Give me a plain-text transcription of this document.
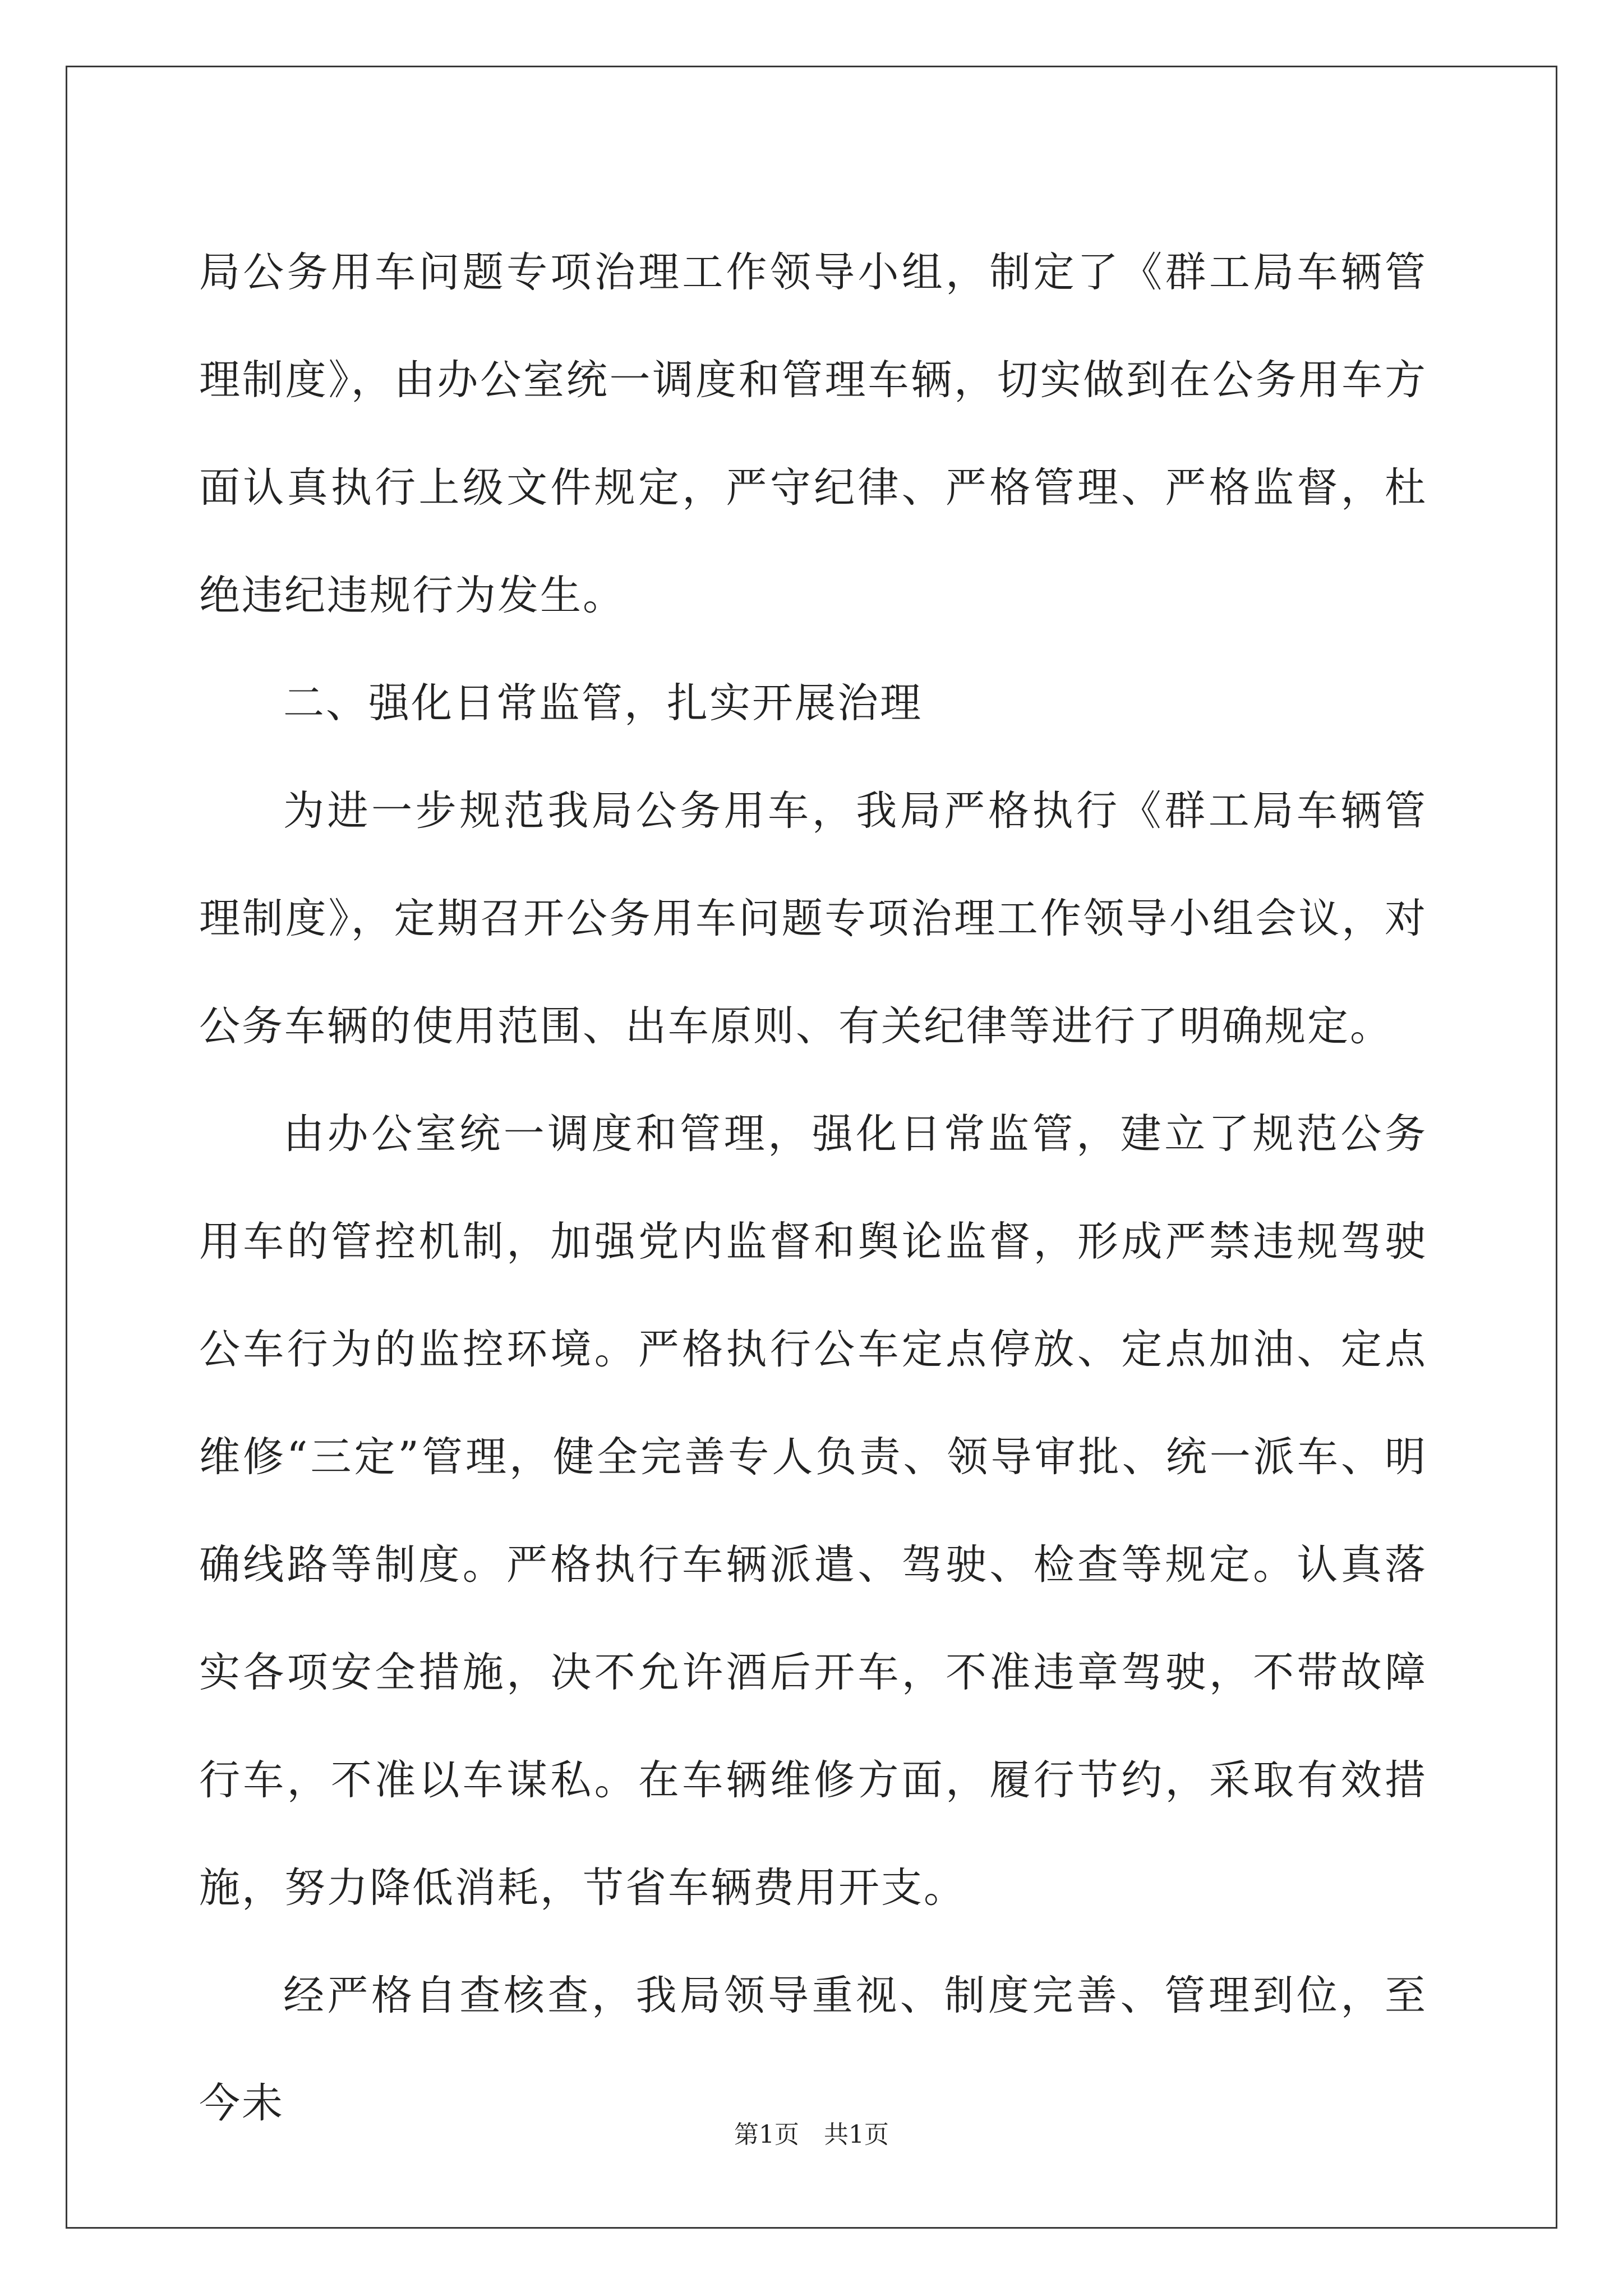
局公务用车问题专项治理工作领导小组，制定了《群工局车辆管理制度》，由办公室统一调度和管理车辆，切实做到在公务用车方面认真执行上级文件规定，严守纪律、严格管理、严格监督，杜绝违纪违规行为发生。

二、强化日常监管，扎实开展治理

为进一步规范我局公务用车，我局严格执行《群工局车辆管理制度》，定期召开公务用车问题专项治理工作领导小组会议，对公务车辆的使用范围、出车原则、有关纪律等进行了明确规定。

由办公室统一调度和管理，强化日常监管，建立了规范公务用车的管控机制，加强党内监督和舆论监督，形成严禁违规驾驶公车行为的监控环境。严格执行公车定点停放、定点加油、定点维修“三定”管理，健全完善专人负责、领导审批、统一派车、明确线路等制度。严格执行车辆派遣、驾驶、检查等规定。认真落实各项安全措施，决不允许酒后开车，不准违章驾驶，不带故障行车，不准以车谋私。在车辆维修方面，履行节约，采取有效措施，努力降低消耗，节省车辆费用开支。

经严格自查核查，我局领导重视、制度完善、管理到位，至今未

第1页　共1页
